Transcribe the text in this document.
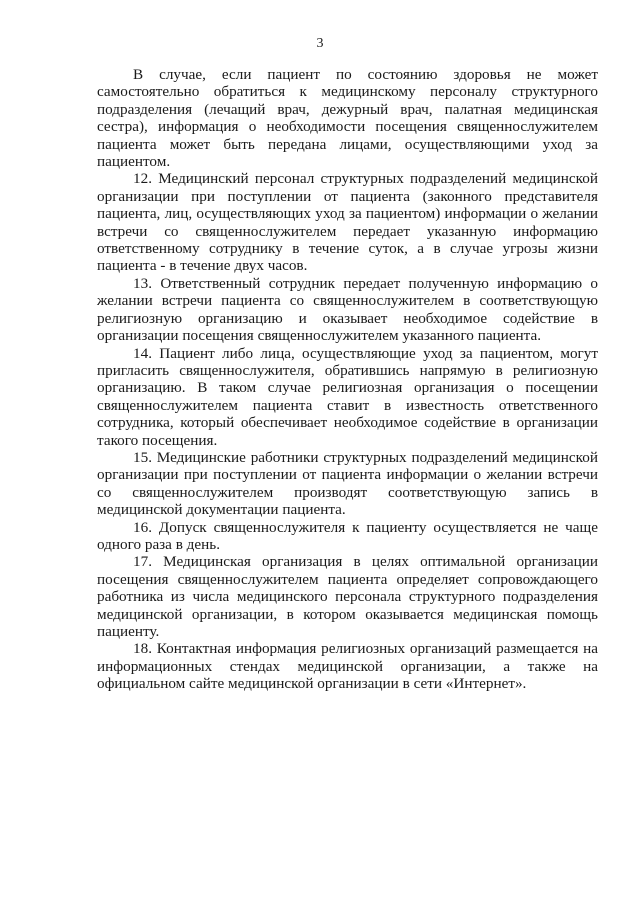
3

В случае, если пациент по состоянию здоровья не может самостоятельно обратиться к медицинскому персоналу структурного подразделения (лечащий врач, дежурный врач, палатная медицинская сестра), информация о необходимости посещения священнослужителем пациента может быть передана лицами, осуществляющими уход за пациентом.

12. Медицинский персонал структурных подразделений медицинской организации при поступлении от пациента (законного представителя пациента, лиц, осуществляющих уход за пациентом) информации о желании встречи со священнослужителем передает указанную информацию ответственному сотруднику в течение суток, а в случае угрозы жизни пациента - в течение двух часов.

13. Ответственный сотрудник передает полученную информацию о желании встречи пациента со священнослужителем в соответствующую религиозную организацию и оказывает необходимое содействие в организации посещения священнослужителем указанного пациента.

14. Пациент либо лица, осуществляющие уход за пациентом, могут пригласить священнослужителя, обратившись напрямую в религиозную организацию. В таком случае религиозная организация о посещении священнослужителем пациента ставит в известность ответственного сотрудника, который обеспечивает необходимое содействие в организации такого посещения.

15. Медицинские работники структурных подразделений медицинской организации при поступлении от пациента информации о желании встречи со священнослужителем производят соответствующую запись в медицинской документации пациента.

16. Допуск священнослужителя к пациенту осуществляется не чаще одного раза в день.

17. Медицинская организация в целях оптимальной организации посещения священнослужителем пациента определяет сопровождающего работника из числа медицинского персонала структурного подразделения медицинской организации, в котором оказывается медицинская помощь пациенту.

18. Контактная информация религиозных организаций размещается на информационных стендах медицинской организации, а также на официальном сайте медицинской организации в сети «Интернет».
